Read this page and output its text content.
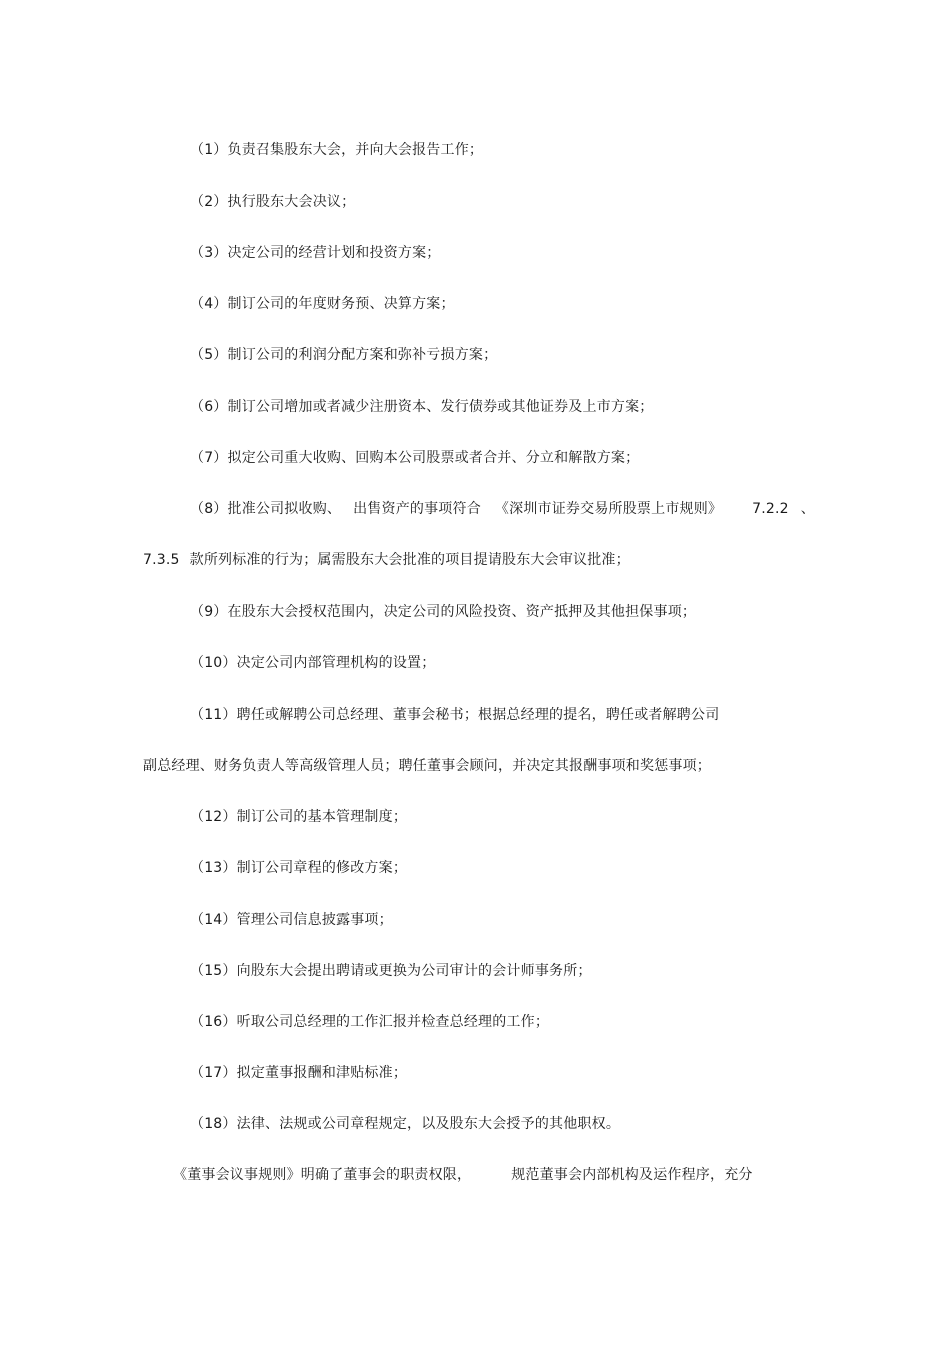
（1）负责召集股东大会，并向大会报告工作；
（2）执行股东大会决议；
（3）决定公司的经营计划和投资方案；
（4）制订公司的年度财务预、决算方案；
（5）制订公司的利润分配方案和弥补亏损方案；
（6）制订公司增加或者减少注册资本、发行债券或其他证券及上市方案；
（7）拟定公司重大收购、回购本公司股票或者合并、分立和解散方案；
（8）批准公司拟收购、 出售资产的事项符合 《深圳市证券交易所股票上市规则》 7.2.2 、
7.3.5 款所列标准的行为；属需股东大会批准的项目提请股东大会审议批准；
（9）在股东大会授权范围内，决定公司的风险投资、资产抵押及其他担保事项；
（10）决定公司内部管理机构的设置；
（11）聘任或解聘公司总经理、董事会秘书；根据总经理的提名，聘任或者解聘公司
副总经理、财务负责人等高级管理人员；聘任董事会顾问，并决定其报酬事项和奖惩事项；
（12）制订公司的基本管理制度；
（13）制订公司章程的修改方案；
（14）管理公司信息披露事项；
（15）向股东大会提出聘请或更换为公司审计的会计师事务所；
（16）听取公司总经理的工作汇报并检查总经理的工作；
（17）拟定董事报酬和津贴标准；
（18）法律、法规或公司章程规定，以及股东大会授予的其他职权。
《董事会议事规则》明确了董事会的职责权限，	规范董事会内部机构及运作程序，充分
